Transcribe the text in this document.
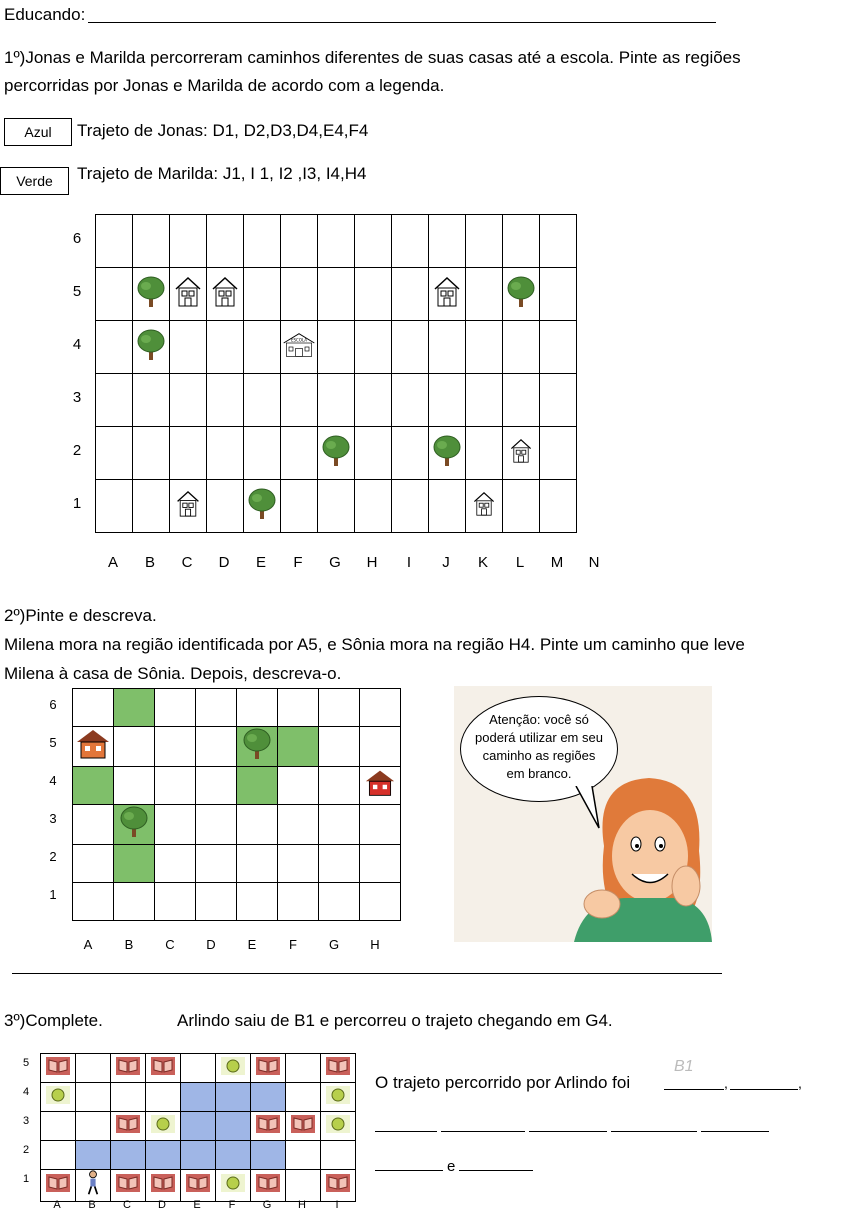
Educando:
1º)Jonas e Marilda percorreram caminhos diferentes de suas casas até a escola. Pinte as regiões
percorridas por Jonas e Marilda de acordo com a legenda.
Azul	Trajeto de Jonas: D1, D2,D3,D4,E4,F4
Verde	Trajeto de Marilda: J1, I 1, I2 ,I3, I4,H4

ESCOLA							

6
5
4
3
2
1
A	B	C	D	E	F	G	H	I	J	K	L	M	N
2º)Pinte e descreva.
Milena mora na região identificada por A5, e Sônia mora na região H4. Pinte um caminho que leve
Milena à casa de Sônia. Depois, descreva-o.

6
5
4
3
2
1
A	B	C	D	E	F	G	H
Atenção: você só
poderá utilizar em seu
caminho as regiões
em branco.
3º)Complete.	Arlindo saiu de B1 e percorreu o trajeto chegando em G4.

5
4
3
2
1
A	B	C	D	E	F	G	H	I
O trajeto percorrido por Arlindo foi
B1
,	,
e
